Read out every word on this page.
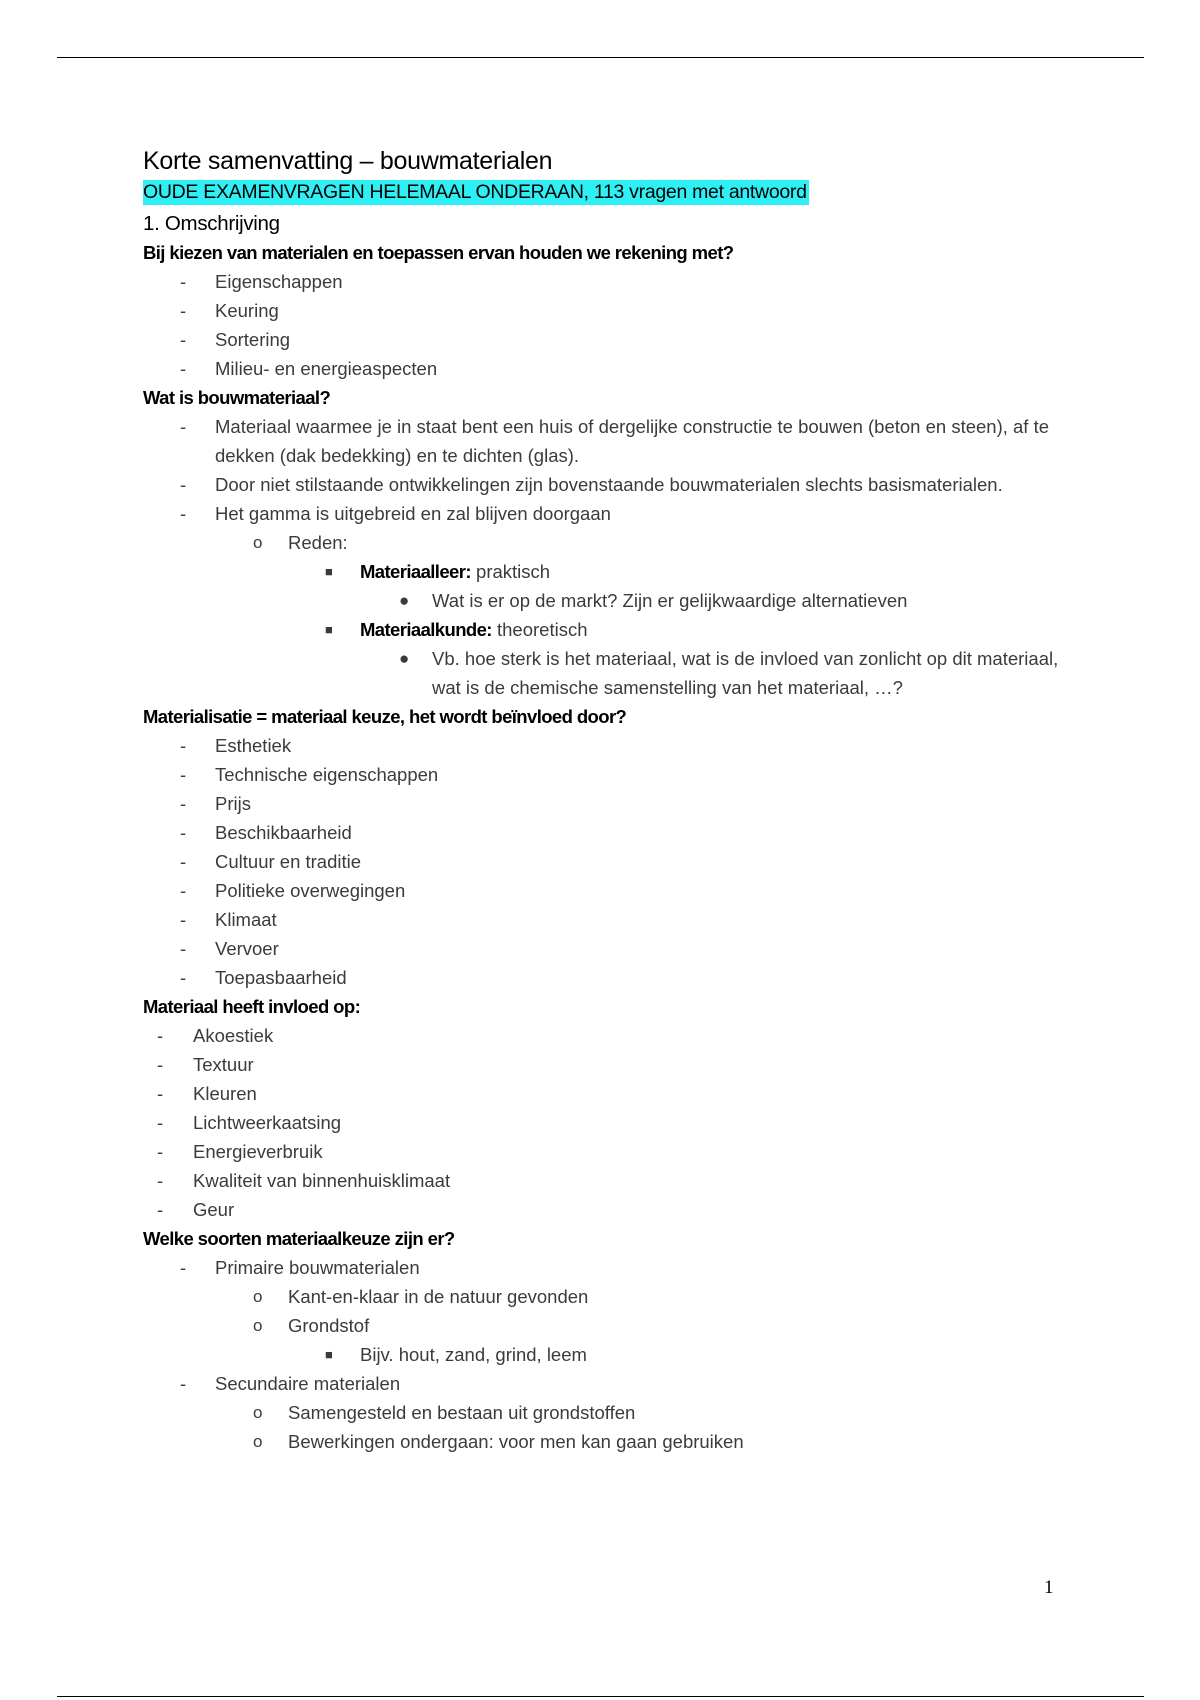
Korte samenvatting – bouwmaterialen
OUDE EXAMENVRAGEN HELEMAAL ONDERAAN, 113 vragen met antwoord
1. Omschrijving
Bij kiezen van materialen en toepassen ervan houden we rekening met?
- Eigenschappen
- Keuring
- Sortering
- Milieu- en energieaspecten
Wat is bouwmateriaal?
- Materiaal waarmee je in staat bent een huis of dergelijke constructie te bouwen (beton en steen), af te dekken (dak bedekking) en te dichten (glas).
- Door niet stilstaande ontwikkelingen zijn bovenstaande bouwmaterialen slechts basismaterialen.
- Het gamma is uitgebreid en zal blijven doorgaan
o Reden:
■ Materiaalleer: praktisch
● Wat is er op de markt? Zijn er gelijkwaardige alternatieven
■ Materiaalkunde: theoretisch
● Vb. hoe sterk is het materiaal, wat is de invloed van zonlicht op dit materiaal, wat is de chemische samenstelling van het materiaal, …?
Materialisatie = materiaal keuze, het wordt beïnvloed door?
- Esthetiek
- Technische eigenschappen
- Prijs
- Beschikbaarheid
- Cultuur en traditie
- Politieke overwegingen
- Klimaat
- Vervoer
- Toepasbaarheid
Materiaal heeft invloed op:
- Akoestiek
- Textuur
- Kleuren
- Lichtweerkaatsing
- Energieverbruik
- Kwaliteit van binnenhuisklimaat
- Geur
Welke soorten materiaalkeuze zijn er?
- Primaire bouwmaterialen
o Kant-en-klaar in de natuur gevonden
o Grondstof
■ Bijv. hout, zand, grind, leem
- Secundaire materialen
o Samengesteld en bestaan uit grondstoffen
o Bewerkingen ondergaan: voor men kan gaan gebruiken
1
